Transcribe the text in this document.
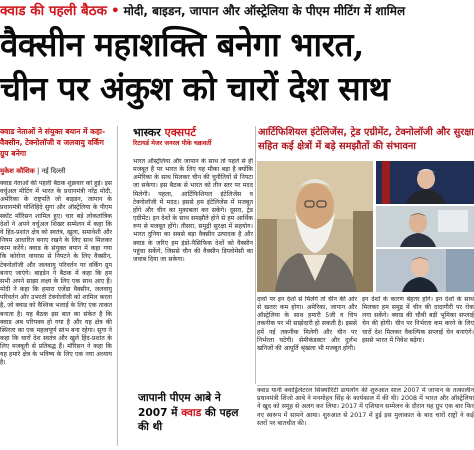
क्वाड की पहली बैठक • मोदी, बाइडन, जापान और ऑस्ट्रेलिया के पीएम मीटिंग में शामिल
वैक्सीन महाशक्ति बनेगा भारत,
चीन पर अंकुश को चारों देश साथ

क्वाड नेताओं ने संयुक्त बयान में कहा- वैक्सीन, टेक्नोलॉजी व जलवायु वर्किंग ग्रुप बनेगा

मुकेश कौशिक | नई दिल्ली

क्वाड नेताओं की पहली बैठक शुक्रवार को हुई। इस वर्चुअल मीटिंग में भारत के प्रधानमंत्री नरेंद्र मोदी, अमेरिका के राष्ट्रपति जो बाइडन, जापान के प्रधानमंत्री योशिहिदे सुगा और ऑस्ट्रेलिया के पीएम स्कॉट मॉरिसन शामिल हुए। चार बड़े लोकतांत्रिक देशों ने अपने वर्चुअल शिखर सम्मेलन में कहा कि वे हिंद-प्रशांत क्षेत्र को स्वतंत्र, खुला, समावेशी और नियम आधारित बनाए रखने के लिए साथ मिलकर काम करेंगे। क्वाड के संयुक्त बयान में कहा गया कि कोरोना वायरस से निपटने के लिए वैक्सीन, टेक्नोलॉजी और जलवायु परिवर्तन पर वर्किंग ग्रुप बनाए जाएंगे। बाइडेन ने बैठक में कहा कि हम सभी अपने साझा लक्ष्य के लिए एक साथ आए हैं। मोदी ने कहा कि हमारा एजेंडा वैक्सीन, जलवायु परिवर्तन और उभरती टेक्नोलॉजी को शामिल करता है, जो क्वाड को वैश्विक भलाई के लिए एक ताकत बनाता है। यह बैठक इस बात का संकेत है कि क्वाड अब परिपक्व हो गया है और यह क्षेत्र की स्थिरता का एक महत्वपूर्ण स्तंभ बना रहेगा। सुगा ने कहा कि चारों देश स्वतंत्र और खुले हिंद-प्रशांत के लिए मजबूती से प्रतिबद्ध हैं। मॉरिसन ने कहा कि यह हमारे क्षेत्र के भविष्य के लिए एक नया अध्याय है।

भास्कर एक्सपर्ट
रिटायर्ड मेजर जनरल पीके चक्रवर्ती

भारत ऑस्ट्रेलिया और जापान के साथ तो पहले से ही मजबूत है पर भारत के लिए यह मौका बड़ा है क्योंकि अमेरिका के साथ मिलकर चीन की चुनौतियों से निपटा जा सकेगा। इस बैठक से भारत को तीन स्तर पर मदद मिलेगी। पहला, आर्टिफिशियल इंटेलिजेंस व टेक्नोलॉजी में मदद। इससे हम इंटेलिजेंस में मजबूत होंगे और चीन का मुकाबला कर सकेंगे। दूसरा, ट्रेड एग्रीमेंट। इन देशों के साथ समझौते होने से हम आर्थिक रूप से मजबूत होंगे। तीसरा, समुद्री सुरक्षा में सहयोग। भारत दुनिया का सबसे बड़ा वैक्सीन उत्पादक है और क्वाड के जरिए हम इंडो-पैसिफिक देशों को वैक्सीन पहुंचा सकेंगे, जिससे चीन की वैक्सीन डिप्लोमेसी का जवाब दिया जा सकेगा।

आर्टिफिशियल इंटेलिजेंस, ट्रेड एग्रीमेंट, टेक्नोलॉजी और सुरक्षा सहित कई क्षेत्रों में बड़े समझौतों की संभावना

दावों पर इन देशों से मिलेंगे तो चीन की ओर से खतरा कम होगा। अमेरिका, जापान और ऑस्ट्रेलिया के साथ हमारी 5जी व चिप तकनीक पर भी साझेदारी हो सकती है। इससे हमें नई तकनीक मिलेगी और चीन पर निर्भरता घटेगी। सेमीकंडक्टर और दुर्लभ खनिजों की आपूर्ति श्रृंखला भी मजबूत होगी।

इन देशों के कारण बेहतर होंगे। इन देशों के साथ मिलकर हम समुद्र में चीन की दादागीरी पर रोक लगा सकेंगे। क्वाड की चौथी बड़ी भूमिका सप्लाई चेन की होगी। चीन पर निर्भरता कम करने के लिए चारों देश मिलकर वैकल्पिक सप्लाई चेन बनाएंगे। इससे भारत में निवेश बढ़ेगा।

जापानी पीएम आबे ने 2007 में क्वाड की पहल की थी

क्वाड यानी क्वाड्रिलेटरल सिक्योरिटी डायलॉग की शुरुआत साल 2007 में जापान के तत्कालीन प्रधानमंत्री शिंजो आबे ने मनमोहन सिंह के कार्यकाल में की थी। 2008 में भारत और ऑस्ट्रेलिया ने खुद को समूह से अलग कर लिया। 2017 में एशियान सम्मेलन के दौरान यह ग्रुप एक बार फिर नए स्वरूप में सामने आया। शुरुआत से 2017 में हुई इस मुलाकात के बाद चारों राष्ट्रों ने कई स्तरों पर बातचीत की।
